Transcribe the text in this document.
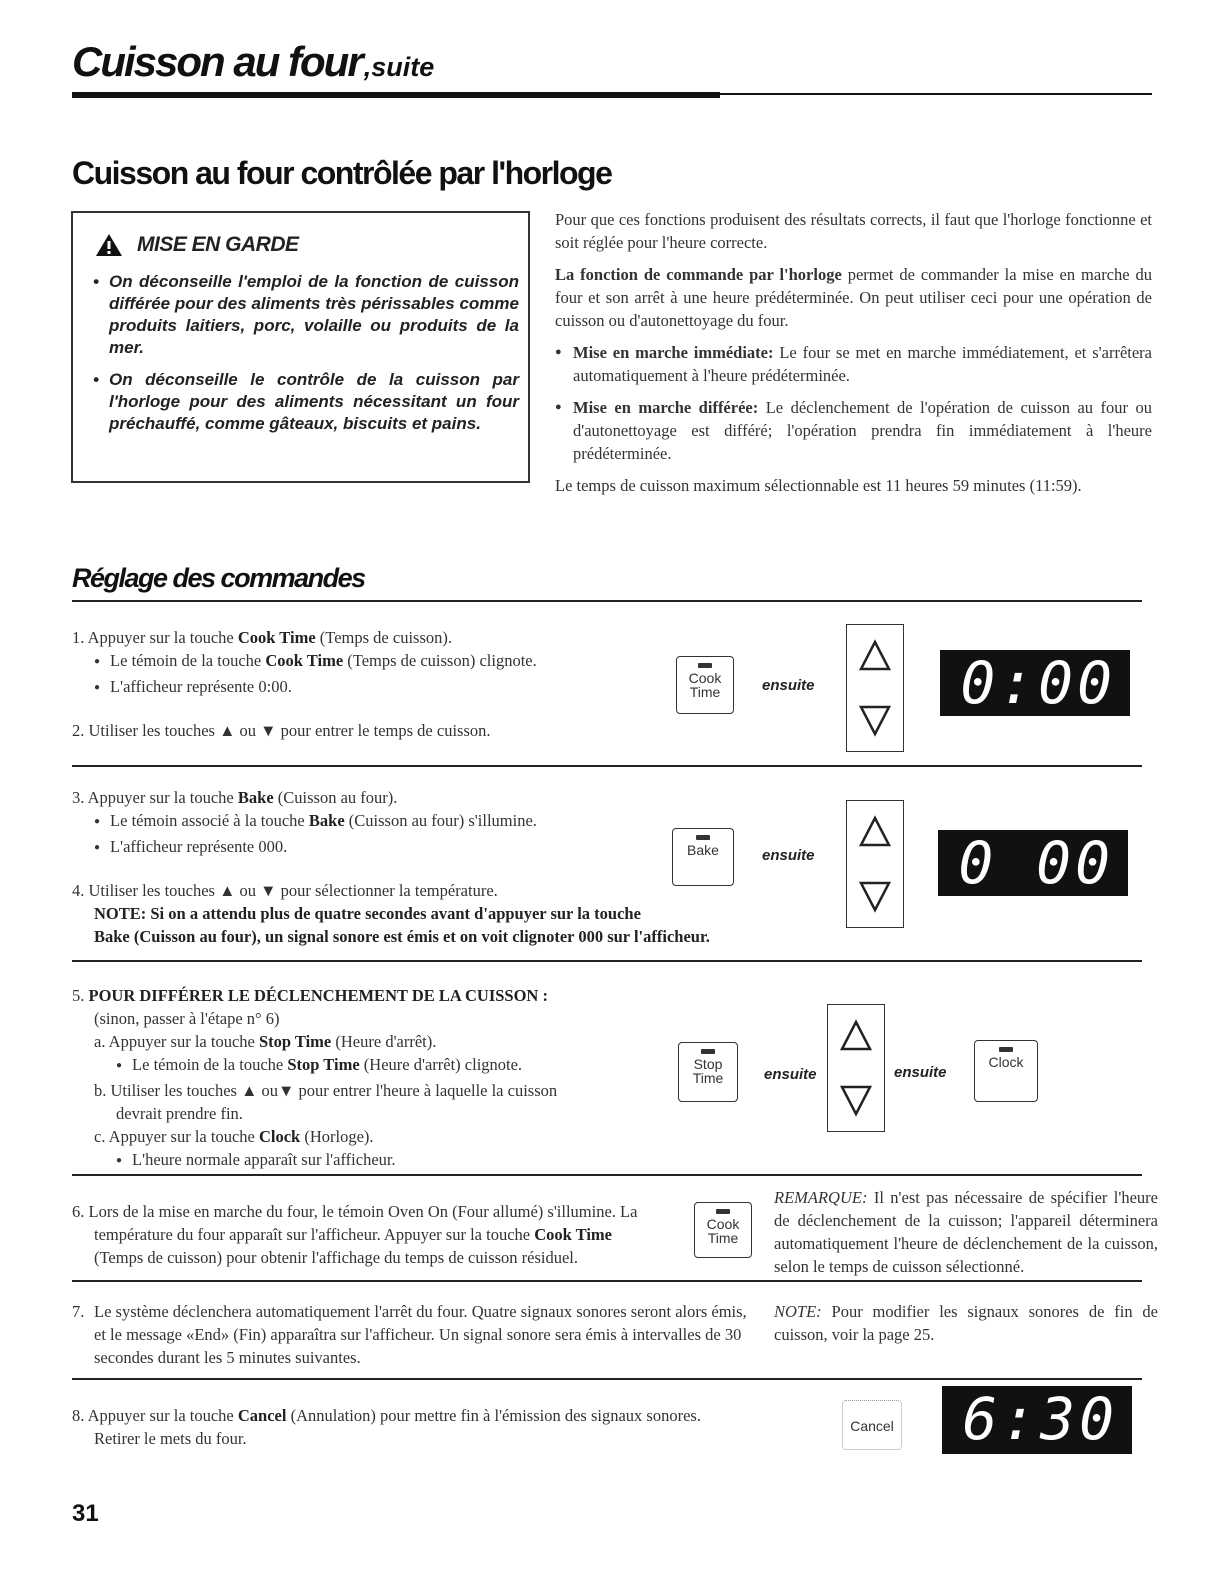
Cuisson au four,suite
Cuisson au four contrôlée par l'horloge
MISE EN GARDE
• On déconseille l'emploi de la fonction de cuisson différée pour des aliments très périssables comme produits laitiers, porc, volaille ou produits de la mer.
• On déconseille le contrôle de la cuisson par l'horloge pour des aliments nécessitant un four préchauffé, comme gâteaux, biscuits et pains.

Pour que ces fonctions produisent des résultats corrects, il faut que l'horloge fonctionne et soit réglée pour l'heure correcte.

La fonction de commande par l'horloge permet de commander la mise en marche du four et son arrêt à une heure prédéterminée. On peut utiliser ceci pour une opération de cuisson ou d'autonettoyage du four.

● Mise en marche immédiate: Le four se met en marche immédiatement, et s'arrêtera automatiquement à l'heure prédéterminée.
● Mise en marche différée: Le déclenchement de l'opération de cuisson au four ou d'autonettoyage est différé; l'opération prendra fin immédiatement à l'heure prédéterminée.

Le temps de cuisson maximum sélectionnable est 11 heures 59 minutes (11:59).

Réglage des commandes
1. Appuyer sur la touche Cook Time (Temps de cuisson).
● Le témoin de la touche Cook Time (Temps de cuisson) clignote.
● L'afficheur représente 0:00.
2. Utiliser les touches ▲ ou ▼ pour entrer le temps de cuisson.
Cook
Time	ensuite	0:00
3. Appuyer sur la touche Bake (Cuisson au four).
● Le témoin associé à la touche Bake (Cuisson au four) s'illumine.
● L'afficheur représente 000.
4. Utiliser les touches ▲ ou ▼ pour sélectionner la température.
NOTE: Si on a attendu plus de quatre secondes avant d'appuyer sur la touche
Bake (Cuisson au four), un signal sonore est émis et on voit clignoter 000 sur l'afficheur.
Bake	ensuite	0 00
5. POUR DIFFÉRER LE DÉCLENCHEMENT DE LA CUISSON :
(sinon, passer à l'étape n° 6)
a. Appuyer sur la touche Stop Time (Heure d'arrêt).
● Le témoin de la touche Stop Time (Heure d'arrêt) clignote.
b. Utiliser les touches ▲ ou▼ pour entrer l'heure à laquelle la cuisson
devrait prendre fin.
c. Appuyer sur la touche Clock (Horloge).
● L'heure normale apparaît sur l'afficheur.
Stop
Time	ensuite	ensuite
Clock
6. Lors de la mise en marche du four, le témoin Oven On (Four allumé) s'illumine. La
température du four apparaît sur l'afficheur. Appuyer sur la touche Cook Time
(Temps de cuisson) pour obtenir l'affichage du temps de cuisson résiduel.
Cook
Time
REMARQUE: Il n'est pas nécessaire de spécifier l'heure de déclenchement de la cuisson; l'appareil déterminera automatiquement l'heure de déclenchement de la cuisson, selon le temps de cuisson sélectionné.
7. Le système déclenchera automatiquement l'arrêt du four. Quatre signaux sonores seront alors émis, et le message «End» (Fin) apparaîtra sur l'afficheur. Un signal sonore sera émis à intervalles de 30 secondes durant les 5 minutes suivantes.
NOTE: Pour modifier les signaux sonores de fin de cuisson, voir la page 25.
8. Appuyer sur la touche Cancel (Annulation) pour mettre fin à l'émission des signaux sonores.
Retirer le mets du four.
Cancel	6:30
31
